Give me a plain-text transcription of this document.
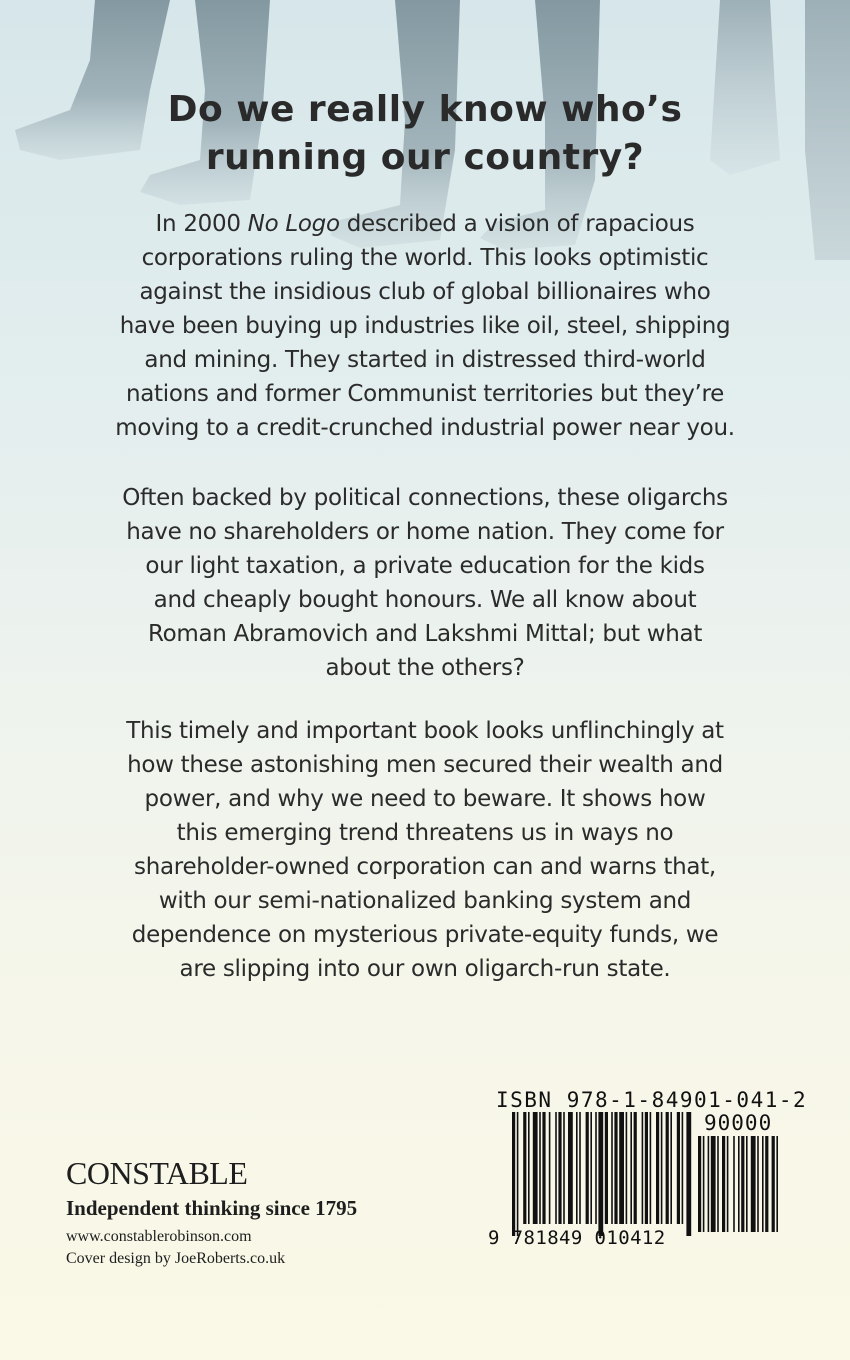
Do we really know who’s
running our country?
In 2000 No Logo described a vision of rapacious
corporations ruling the world. This looks optimistic
against the insidious club of global billionaires who
have been buying up industries like oil, steel, shipping
and mining. They started in distressed third-world
nations and former Communist territories but they’re
moving to a credit-crunched industrial power near you.
Often backed by political connections, these oligarchs
have no shareholders or home nation. They come for
our light taxation, a private education for the kids
and cheaply bought honours. We all know about
Roman Abramovich and Lakshmi Mittal; but what
about the others?
This timely and important book looks unflinchingly at
how these astonishing men secured their wealth and
power, and why we need to beware. It shows how
this emerging trend threatens us in ways no
shareholder-owned corporation can and warns that,
with our semi-nationalized banking system and
dependence on mysterious private-equity funds, we
are slipping into our own oligarch-run state.
CONSTABLE
Independent thinking since 1795
www.constablerobinson.com
Cover design by JoeRoberts.co.uk
ISBN 978-1-84901-041-2
9 781849 010412
90000
